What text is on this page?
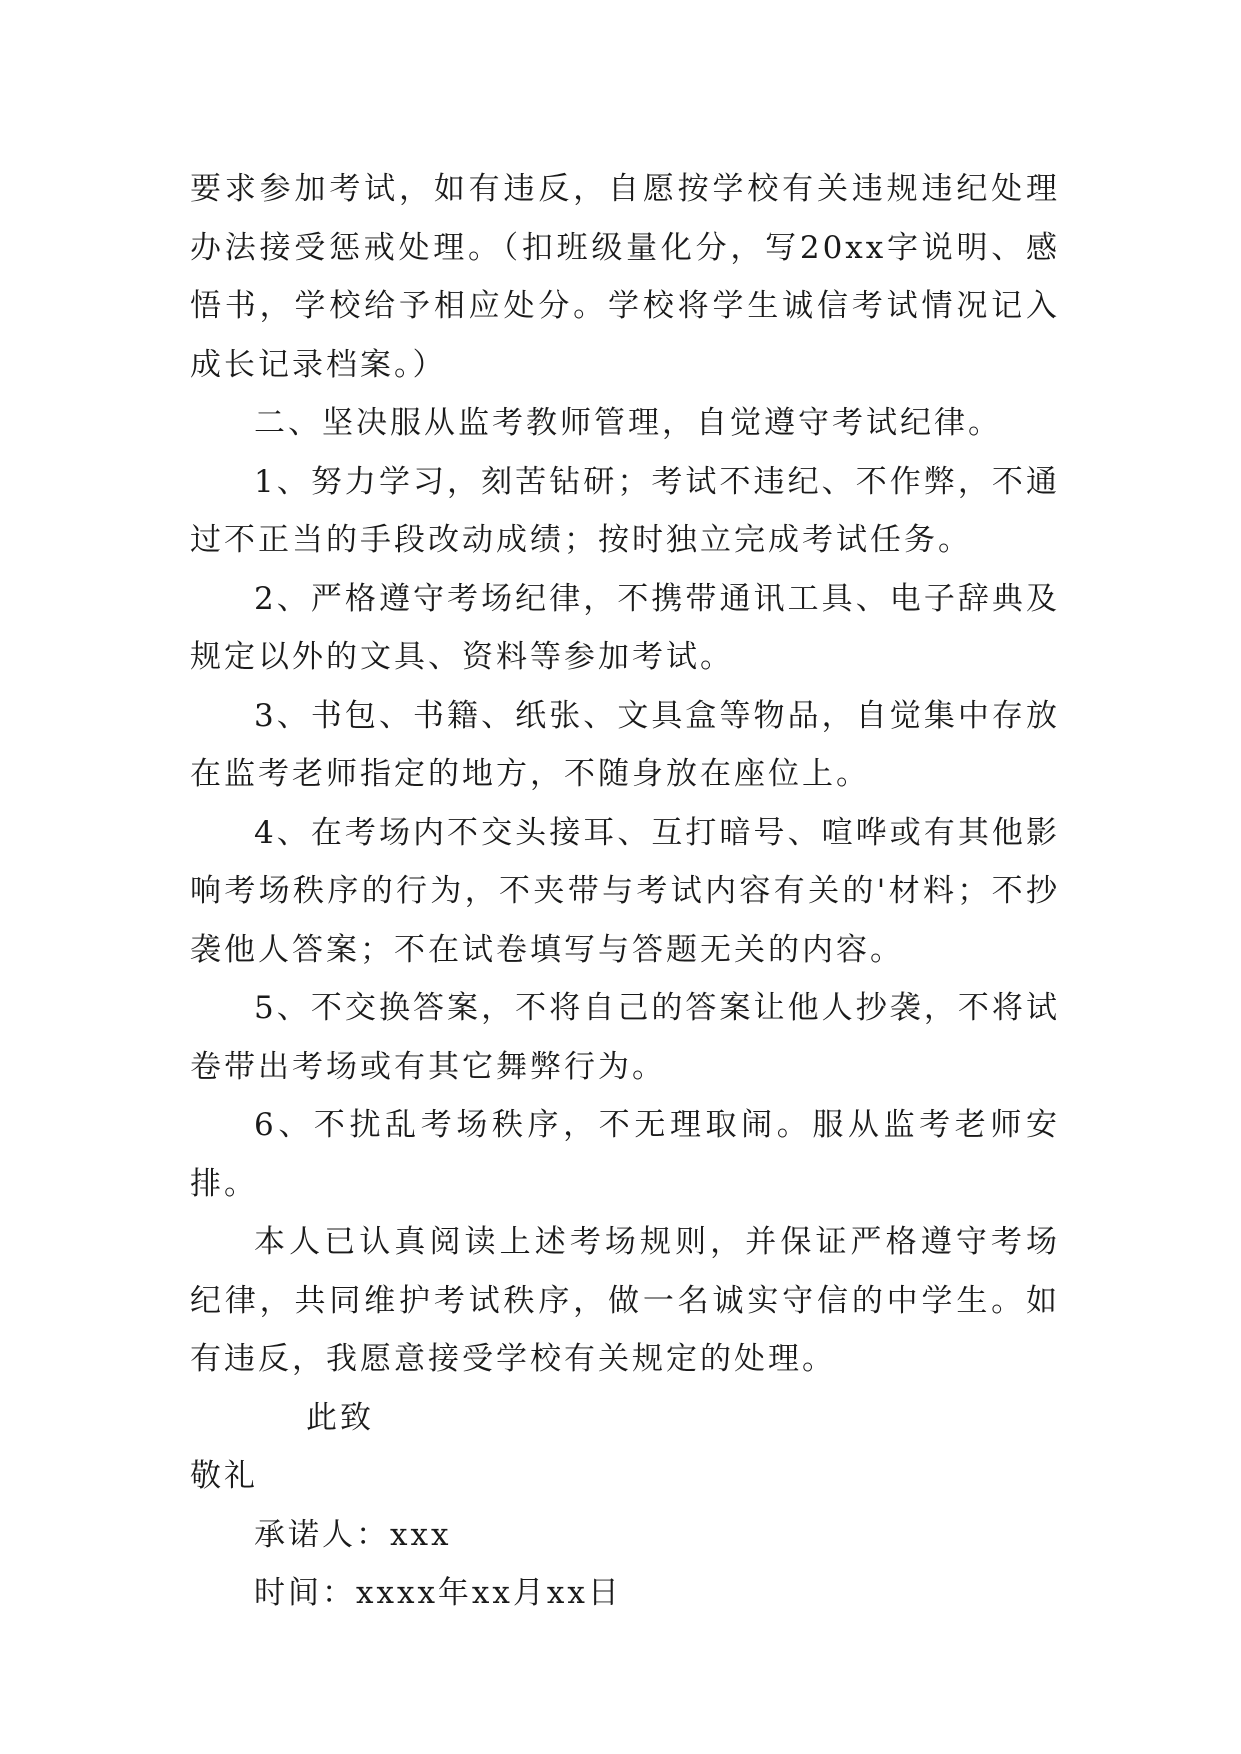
要求参加考试，如有违反，自愿按学校有关违规违纪处理办法接受惩戒处理。（扣班级量化分，写20xx字说明、感悟书，学校给予相应处分。学校将学生诚信考试情况记入成长记录档案。）

二、坚决服从监考教师管理，自觉遵守考试纪律。

1、努力学习，刻苦钻研；考试不违纪、不作弊，不通过不正当的手段改动成绩；按时独立完成考试任务。

2、严格遵守考场纪律，不携带通讯工具、电子辞典及规定以外的文具、资料等参加考试。

3、书包、书籍、纸张、文具盒等物品，自觉集中存放在监考老师指定的地方，不随身放在座位上。

4、在考场内不交头接耳、互打暗号、喧哗或有其他影响考场秩序的行为，不夹带与考试内容有关的'材料；不抄袭他人答案；不在试卷填写与答题无关的内容。

5、不交换答案，不将自己的答案让他人抄袭，不将试卷带出考场或有其它舞弊行为。

6、不扰乱考场秩序，不无理取闹。服从监考老师安排。

本人已认真阅读上述考场规则，并保证严格遵守考场纪律，共同维护考试秩序，做一名诚实守信的中学生。如有违反，我愿意接受学校有关规定的处理。

此致

敬礼

承诺人：xxx

时间：xxxx年xx月xx日
